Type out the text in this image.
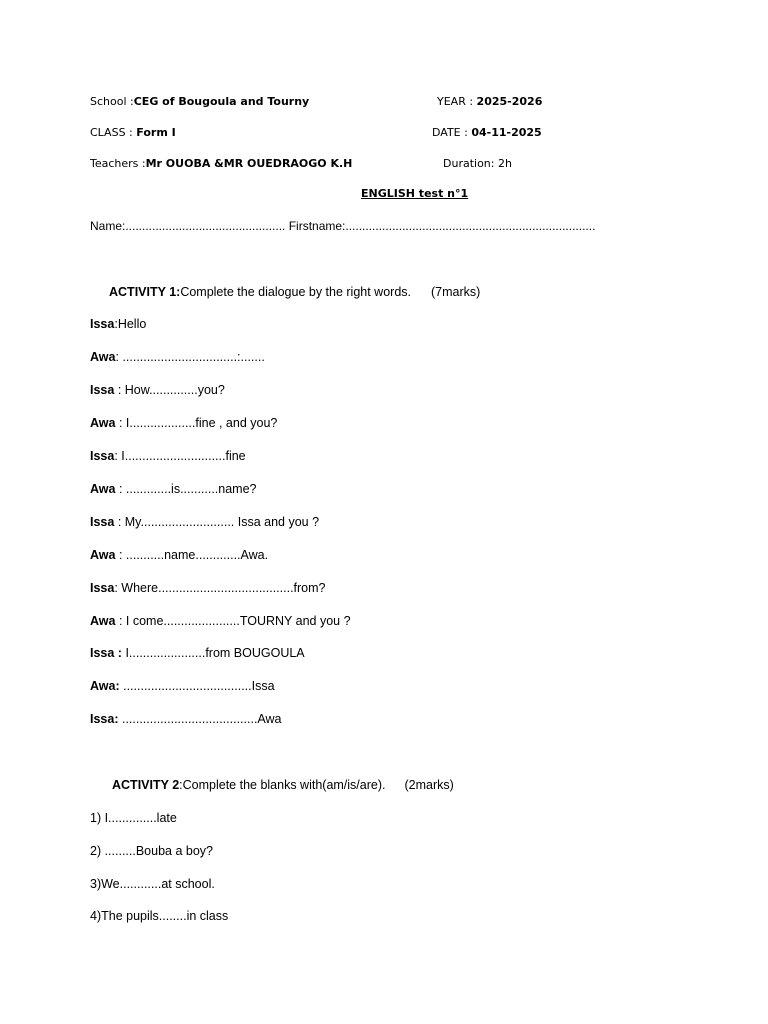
School :CEG of Bougoula and Tourny	YEAR : 2025-2026
CLASS : Form I	DATE : 04-11-2025
Teachers :Mr OUOBA &MR OUEDRAOGO K.H	Duration: 2h
ENGLISH test n°1
Name:................................................ Firstname:...........................................................................
ACTIVITY 1:Complete the dialogue by the right words. (7marks)
Issa:Hello
Awa: .................................:.......
Issa : How..............you?
Awa : I...................fine , and you?
Issa: I.............................fine
Awa : .............is...........name?
Issa : My........................... Issa and you ?
Awa : ...........name.............Awa.
Issa: Where.......................................from?
Awa : I come......................TOURNY and you ?
Issa : I......................from BOUGOULA
Awa: .....................................Issa
Issa: .......................................Awa
ACTIVITY 2:Complete the blanks with(am/is/are). (2marks)
1) I..............late
2) .........Bouba a boy?
3)We............at school.
4)The pupils........in class
